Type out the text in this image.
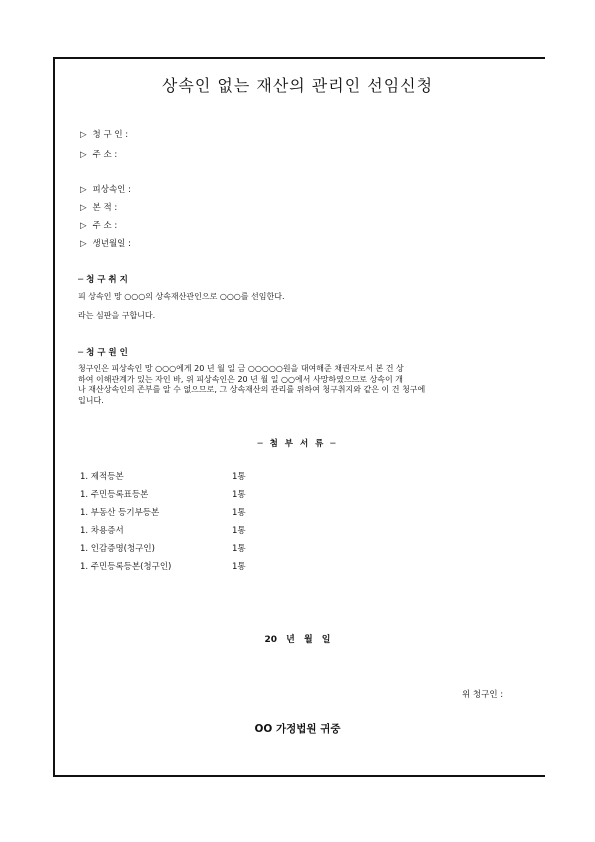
상속인 없는 재산의 관리인 선임신청
▷ 청 구 인 :
▷ 주 소 :
▷ 피상속인 :
▷ 본 적 :
▷ 주 소 :
▷ 생년월일 :
─ 청 구 취 지
피 상속인 망 ○○○의 상속재산관인으로 ○○○를 선임한다.
라는 심판을 구합니다.
─ 청 구 원 인
청구인은 피상속인 망 ○○○에게 20 년 월 일 금 ○○○○○원을 대여해준 채권자로서 본 건 상
하여 이해관계가 있는 자인 바, 위 피상속인은 20 년 월 일 ○○에서 사망하였으므로 상속이 개
나 재산상속인의 존부를 알 수 없으므로, 그 상속재산의 관리를 위하여 청구취지와 같은 이 건 청구에
입니다.
─ 첨 부 서 류 ─
1. 제적등본	1통
1. 주민등록표등본	1통
1. 부동산 등기부등본	1통
1. 차용증서	1통
1. 인감증명(청구인)	1통
1. 주민등록등본(청구인)	1통
20 년 월 일
위 청구인 :
OO 가정법원 귀중
